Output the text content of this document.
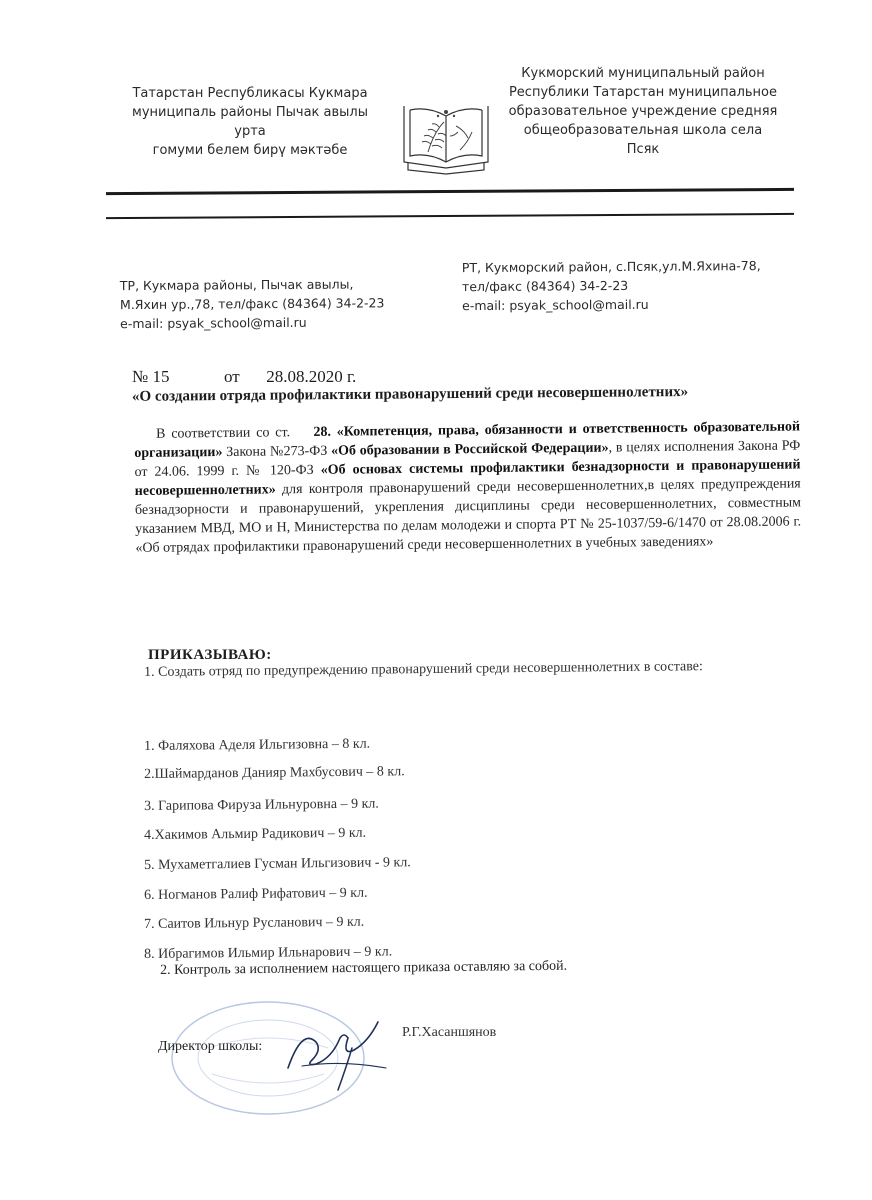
Татарстан Республикасы Кукмара
муниципаль районы Пычак авылы урта
гомуми белем бирү мәктәбе
Кукморский муниципальный район
Республики Татарстан муниципальное
образовательное учреждение средняя
общеобразовательная школа села Псяк
ТР, Кукмара районы, Пычак авылы,
М.Яхин ур.,78, тел/факс (84364) 34-2-23
e-mail: psyak_school@mail.ru
РТ, Кукморский район, с.Псяк,ул.М.Яхина-78,
тел/факс (84364) 34-2-23
e-mail: psyak_school@mail.ru
№ 15	от 28.08.2020 г.
«О создании отряда профилактики правонарушений среди несовершеннолетних»
В соответствии со ст. 28. «Компетенция, права, обязанности и ответственность образовательной организации» Закона №273-ФЗ «Об образовании в Российской Федерации», в целях исполнения Закона РФ от 24.06. 1999 г. № 120-ФЗ «Об основах системы профилактики безнадзорности и правонарушений несовершеннолетних» для контроля правонарушений среди несовершеннолетних,в целях предупреждения безнадзорности и правонарушений, укрепления дисциплины среди несовершеннолетних, совместным указанием МВД, МО и Н, Министерства по делам молодежи и спорта РТ № 25-1037/59-6/1470 от 28.08.2006 г. «Об отрядах профилактики правонарушений среди несовершеннолетних в учебных заведениях»
ПРИКАЗЫВАЮ:
1. Создать отряд по предупреждению правонарушений среди несовершеннолетних в составе:
1. Фаляхова Аделя Ильгизовна – 8 кл.
2.Шаймарданов Данияр Махбусович – 8 кл.
3. Гарипова Фируза Ильнуровна – 9 кл.
4.Хакимов Альмир Радикович – 9 кл.
5. Мухаметгалиев Гусман Ильгизович - 9 кл.
6. Ногманов Ралиф Рифатович – 9 кл.
7. Саитов Ильнур Русланович – 9 кл.
8. Ибрагимов Ильмир Ильнарович – 9 кл.
2. Контроль за исполнением настоящего приказа оставляю за собой.
Директор школы:
Р.Г.Хасаншянов
